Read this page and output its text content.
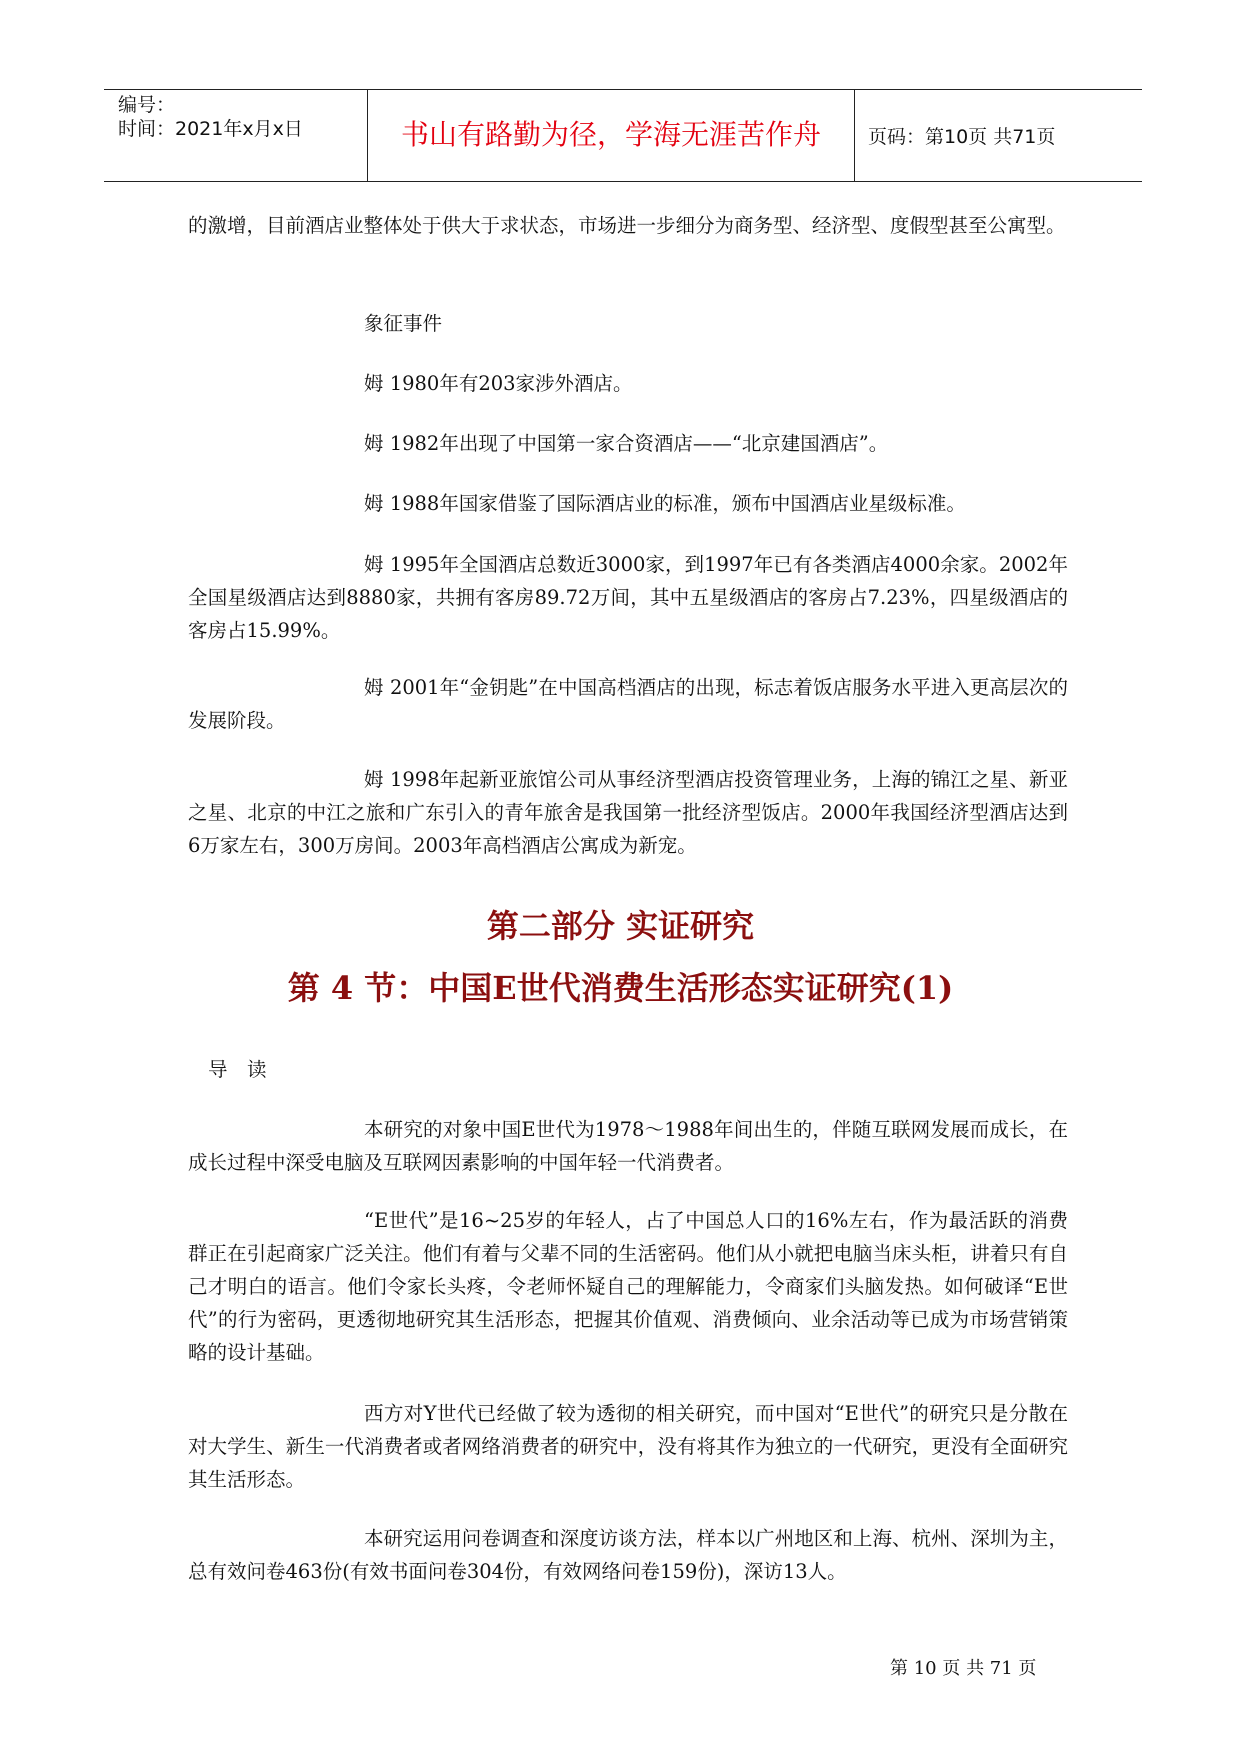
编号：
时间：2021年x月x日	书山有路勤为径，学海无涯苦作舟	页码：第10页 共71页

的激增，目前酒店业整体处于供大于求状态，市场进一步细分为商务型、经济型、度假型甚至公寓型。

象征事件

姆 1980年有203家涉外酒店。

姆 1982年出现了中国第一家合资酒店——“北京建国酒店”。

姆 1988年国家借鉴了国际酒店业的标准，颁布中国酒店业星级标准。

姆 1995年全国酒店总数近3000家，到1997年已有各类酒店4000余家。2002年全国星级酒店达到8880家，共拥有客房89.72万间，其中五星级酒店的客房占7.23%，四星级酒店的客房占15.99%。

姆 2001年“金钥匙”在中国高档酒店的出现，标志着饭店服务水平进入更高层次的发展阶段。

姆 1998年起新亚旅馆公司从事经济型酒店投资管理业务，上海的锦江之星、新亚之星、北京的中江之旅和广东引入的青年旅舍是我国第一批经济型饭店。2000年我国经济型酒店达到6万家左右，300万房间。2003年高档酒店公寓成为新宠。

第二部分 实证研究
第 4 节：中国E世代消费生活形态实证研究(1)

导　读

本研究的对象中国E世代为1978～1988年间出生的，伴随互联网发展而成长，在成长过程中深受电脑及互联网因素影响的中国年轻一代消费者。

“E世代”是16~25岁的年轻人，占了中国总人口的16%左右，作为最活跃的消费群正在引起商家广泛关注。他们有着与父辈不同的生活密码。他们从小就把电脑当床头柜，讲着只有自己才明白的语言。他们令家长头疼，令老师怀疑自己的理解能力，令商家们头脑发热。如何破译“E世代”的行为密码，更透彻地研究其生活形态，把握其价值观、消费倾向、业余活动等已成为市场营销策略的设计基础。

西方对Y世代已经做了较为透彻的相关研究，而中国对“E世代”的研究只是分散在对大学生、新生一代消费者或者网络消费者的研究中，没有将其作为独立的一代研究，更没有全面研究其生活形态。

本研究运用问卷调查和深度访谈方法，样本以广州地区和上海、杭州、深圳为主，总有效问卷463份(有效书面问卷304份，有效网络问卷159份)，深访13人。

第 10 页 共 71 页
